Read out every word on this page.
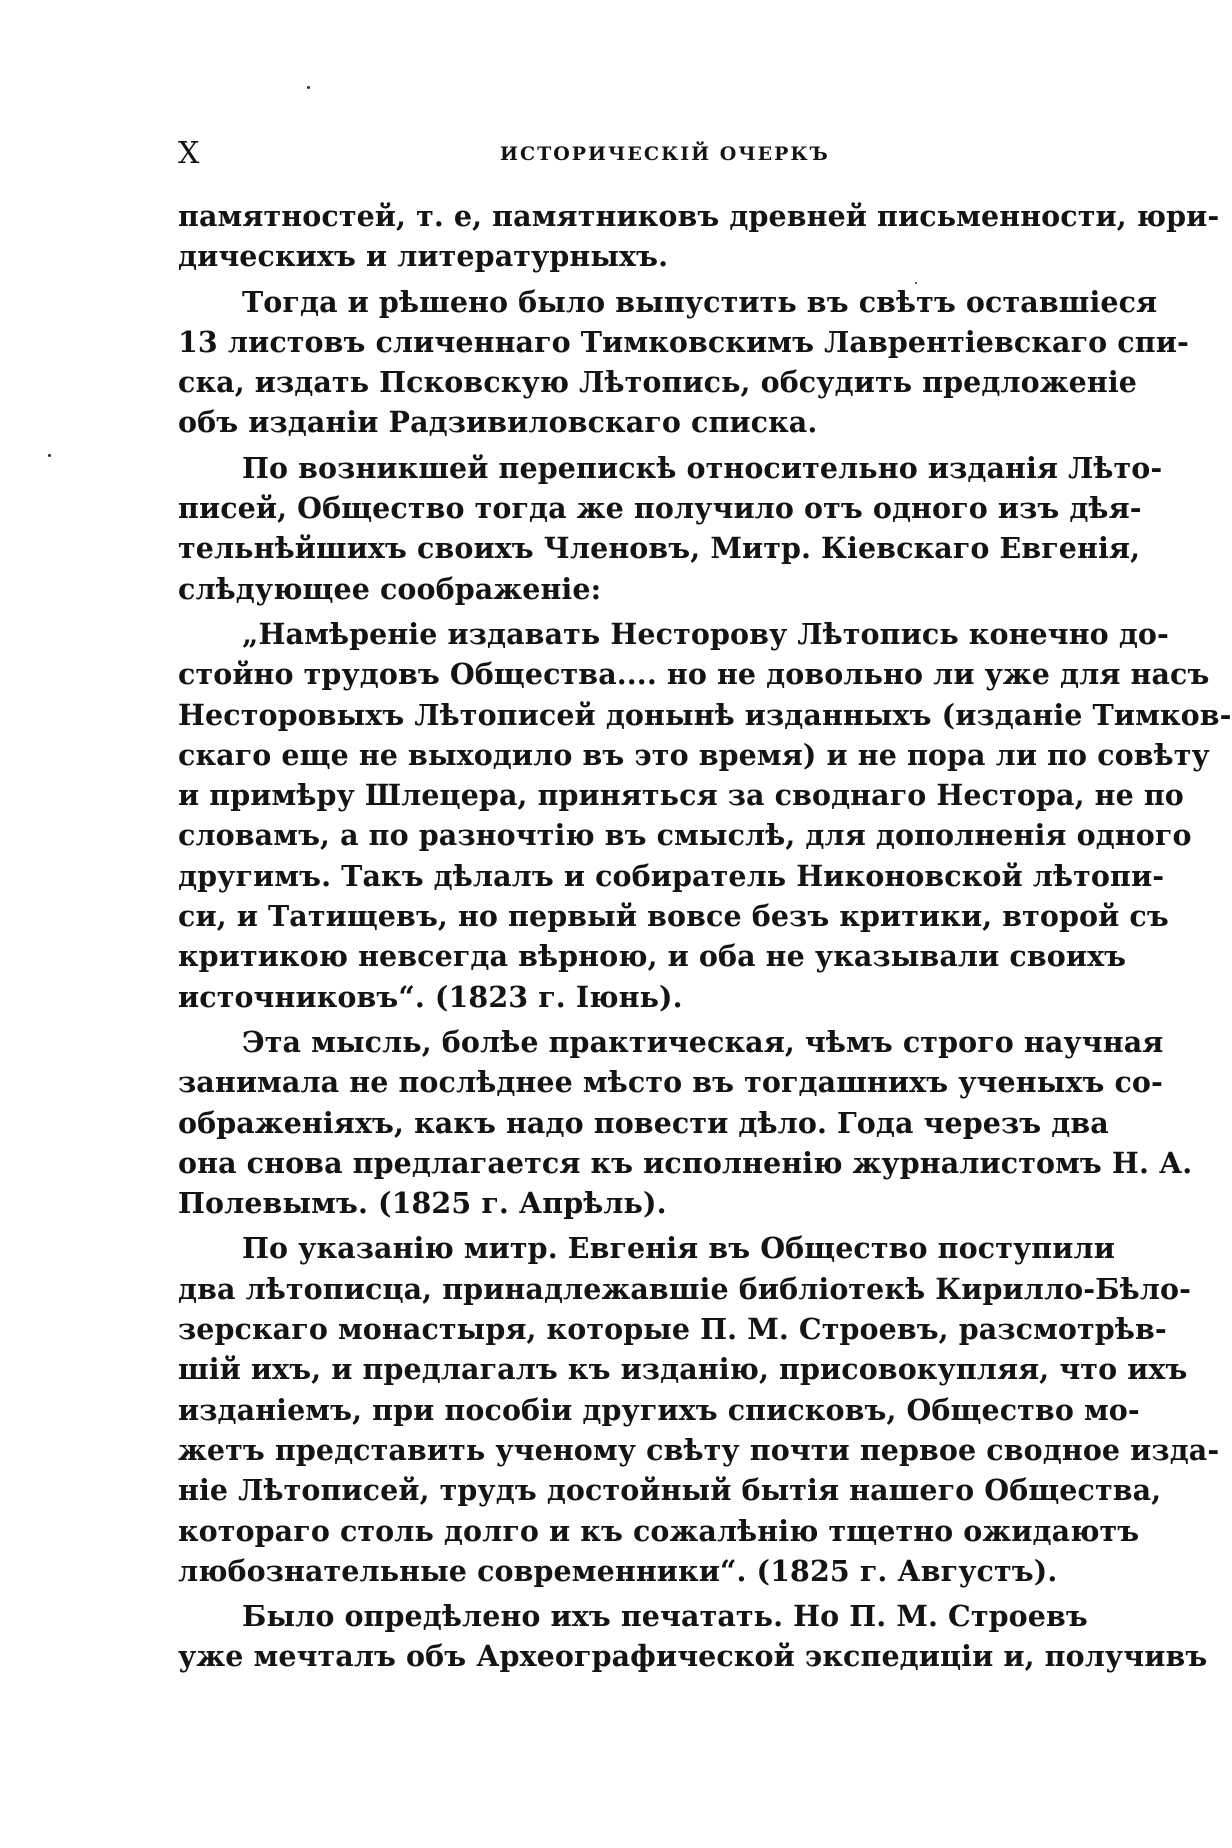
X	ИСТОРИЧЕСКІЙ ОЧЕРКЪ
памятностей, т. е, памятниковъ древней письменности, юри-
дическихъ и литературныхъ.
Тогда и рѣшено было выпустить въ свѣтъ оставшіеся
13 листовъ сличеннаго Тимковскимъ Лаврентіевскаго спи-
ска, издать Псковскую Лѣтопись, обсудить предложеніе
объ изданіи Радзивиловскаго списка.
По возникшей перепискѣ относительно изданія Лѣто-
писей, Общество тогда же получило отъ одного изъ дѣя-
тельнѣйшихъ своихъ Членовъ, Митр. Кіевскаго Евгенія,
слѣдующее соображеніе:
„Намѣреніе издавать Несторову Лѣтопись конечно до-
стойно трудовъ Общества.... но не довольно ли уже для насъ
Несторовыхъ Лѣтописей донынѣ изданныхъ (изданіе Тимков-
скаго еще не выходило въ это время) и не пора ли по совѣту
и примѣру Шлецера, приняться за своднаго Нестора, не по
словамъ, а по разночтію въ смыслѣ, для дополненія одного
другимъ. Такъ дѣлалъ и собиратель Никоновской лѣтопи-
си, и Татищевъ, но первый вовсе безъ критики, второй съ
критикою невсегда вѣрною, и оба не указывали своихъ
источниковъ“. (1823 г. Іюнь).
Эта мысль, болѣе практическая, чѣмъ строго научная
занимала не послѣднее мѣсто въ тогдашнихъ ученыхъ со-
ображеніяхъ, какъ надо повести дѣло. Года черезъ два
она снова предлагается къ исполненію журналистомъ Н. А.
Полевымъ. (1825 г. Апрѣль).
По указанію митр. Евгенія въ Общество поступили
два лѣтописца, принадлежавшіе библіотекѣ Кирилло-Бѣло-
зерскаго монастыря, которые П. М. Строевъ, разсмотрѣв-
шій ихъ, и предлагалъ къ изданію, присовокупляя, что ихъ
изданіемъ, при пособіи другихъ списковъ, Общество мо-
жетъ представить ученому свѣту почти первое сводное изда-
ніе Лѣтописей, трудъ достойный бытія нашего Общества,
котораго столь долго и къ сожалѣнію тщетно ожидаютъ
любознательные современники“. (1825 г. Августъ).
Было опредѣлено ихъ печатать. Но П. М. Строевъ
уже мечталъ объ Археографической экспедиціи и, получивъ
